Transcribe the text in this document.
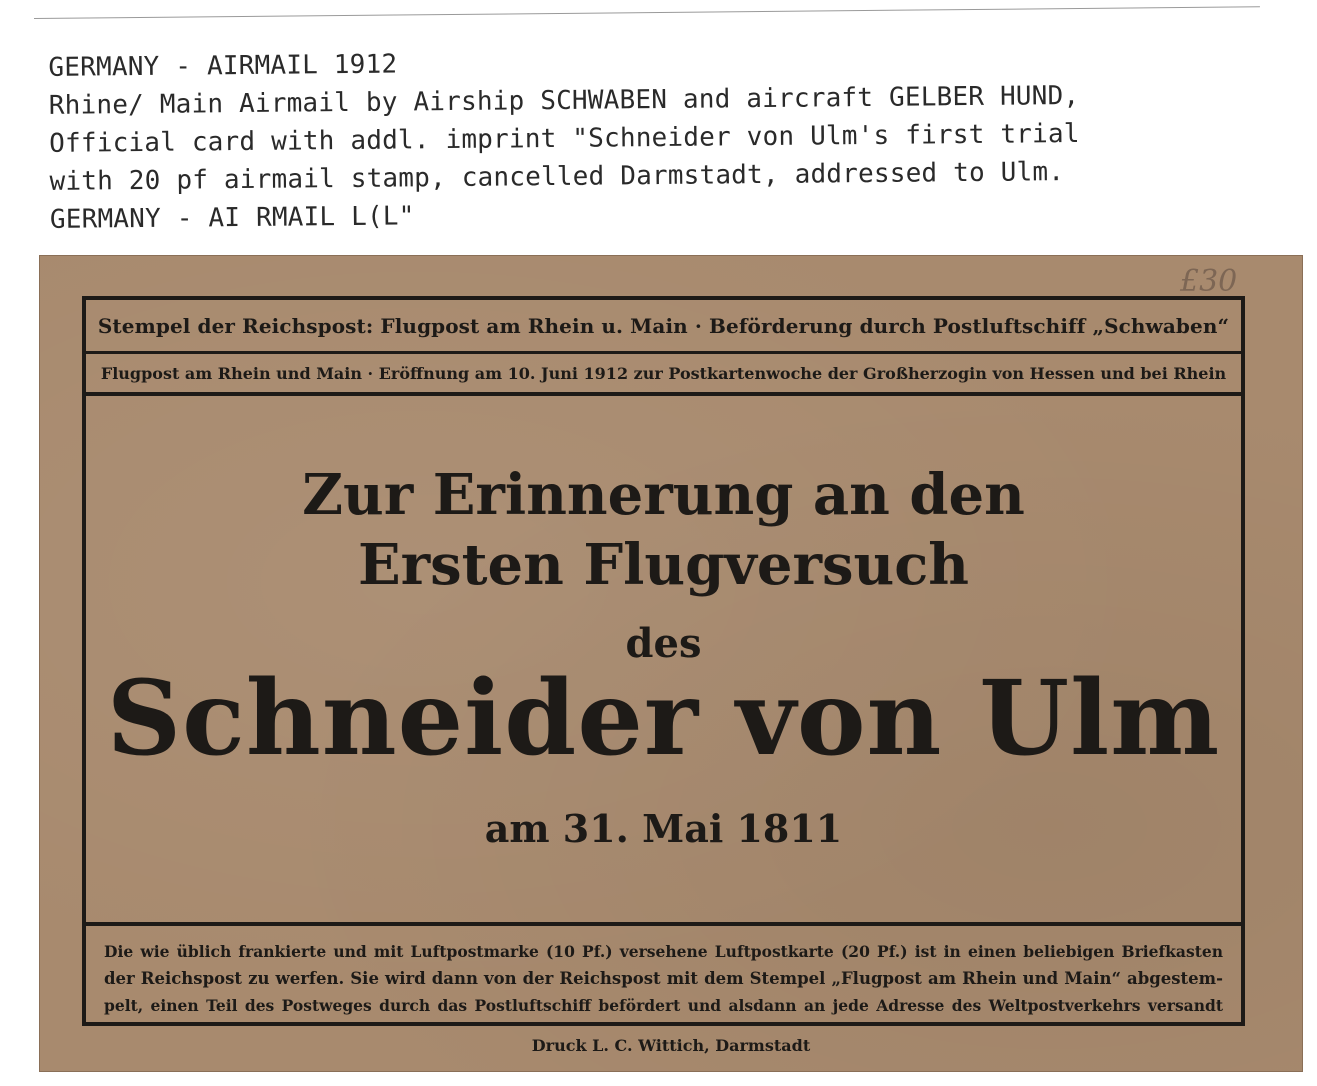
GERMANY - AIRMAIL 1912
Rhine/ Main Airmail by Airship SCHWABEN and aircraft GELBER HUND,
Official card with addl. imprint "Schneider von Ulm's first trial
with 20 pf airmail stamp, cancelled Darmstadt, addressed to Ulm.
GERMANY - AI RMAIL L(L"
£30
Stempel der Reichspost: Flugpost am Rhein u. Main · Beförderung durch Postluftschiff „Schwaben“
Flugpost am Rhein und Main · Eröffnung am 10. Juni 1912 zur Postkartenwoche der Großherzogin von Hessen und bei Rhein
Zur Erinnerung an den
Ersten Flugversuch
des
Schneider von Ulm
am 31. Mai 1811
Die wie üblich frankierte und mit Luftpostmarke (10 Pf.) versehene Luftpostkarte (20 Pf.) ist in einen beliebigen Briefkasten
der Reichspost zu werfen. Sie wird dann von der Reichspost mit dem Stempel „Flugpost am Rhein und Main“ abgestem-
pelt, einen Teil des Postweges durch das Postluftschiff befördert und alsdann an jede Adresse des Weltpostverkehrs versandt
Druck L. C. Wittich, Darmstadt
